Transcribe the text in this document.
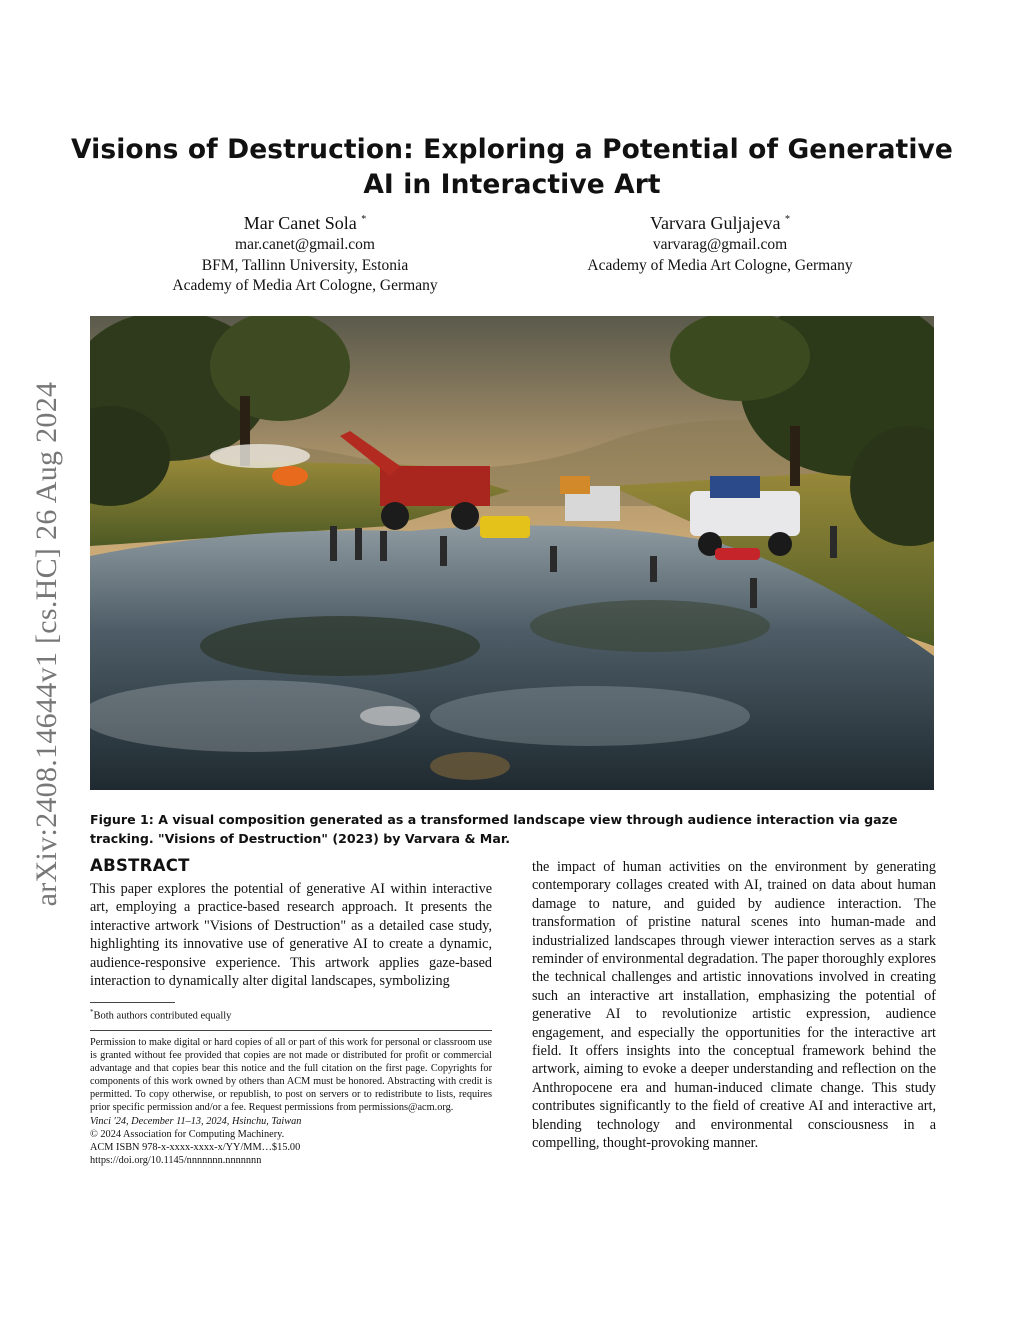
arXiv:2408.14644v1 [cs.HC] 26 Aug 2024
Visions of Destruction: Exploring a Potential of Generative AI in Interactive Art
Mar Canet Sola *
mar.canet@gmail.com
BFM, Tallinn University, Estonia
Academy of Media Art Cologne, Germany
Varvara Guljajeva *
varvarag@gmail.com
Academy of Media Art Cologne, Germany
Figure 1: A visual composition generated as a transformed landscape view through audience interaction via gaze tracking. "Visions of Destruction" (2023) by Varvara & Mar.
ABSTRACT

This paper explores the potential of generative AI within interactive art, employing a practice-based research approach. It presents the interactive artwork "Visions of Destruction" as a detailed case study, highlighting its innovative use of generative AI to create a dynamic, audience-responsive experience. This artwork applies gaze-based interaction to dynamically alter digital landscapes, symbolizing

the impact of human activities on the environment by generating contemporary collages created with AI, trained on data about human damage to nature, and guided by audience interaction. The transformation of pristine natural scenes into human-made and industrialized landscapes through viewer interaction serves as a stark reminder of environmental degradation. The paper thoroughly explores the technical challenges and artistic innovations involved in creating such an interactive art installation, emphasizing the potential of generative AI to revolutionize artistic expression, audience engagement, and especially the opportunities for the interactive art field. It offers insights into the conceptual framework behind the artwork, aiming to evoke a deeper understanding and reflection on the Anthropocene era and human-induced climate change. This study contributes significantly to the field of creative AI and interactive art, blending technology and environmental consciousness in a compelling, thought-provoking manner.

*Both authors contributed equally

Permission to make digital or hard copies of all or part of this work for personal or classroom use is granted without fee provided that copies are not made or distributed for profit or commercial advantage and that copies bear this notice and the full citation on the first page. Copyrights for components of this work owned by others than ACM must be honored. Abstracting with credit is permitted. To copy otherwise, or republish, to post on servers or to redistribute to lists, requires prior specific permission and/or a fee. Request permissions from permissions@acm.org.

Vinci '24, December 11–13, 2024, Hsinchu, Taiwan

© 2024 Association for Computing Machinery.

ACM ISBN 978-x-xxxx-xxxx-x/YY/MM…$15.00

https://doi.org/10.1145/nnnnnnn.nnnnnnn
